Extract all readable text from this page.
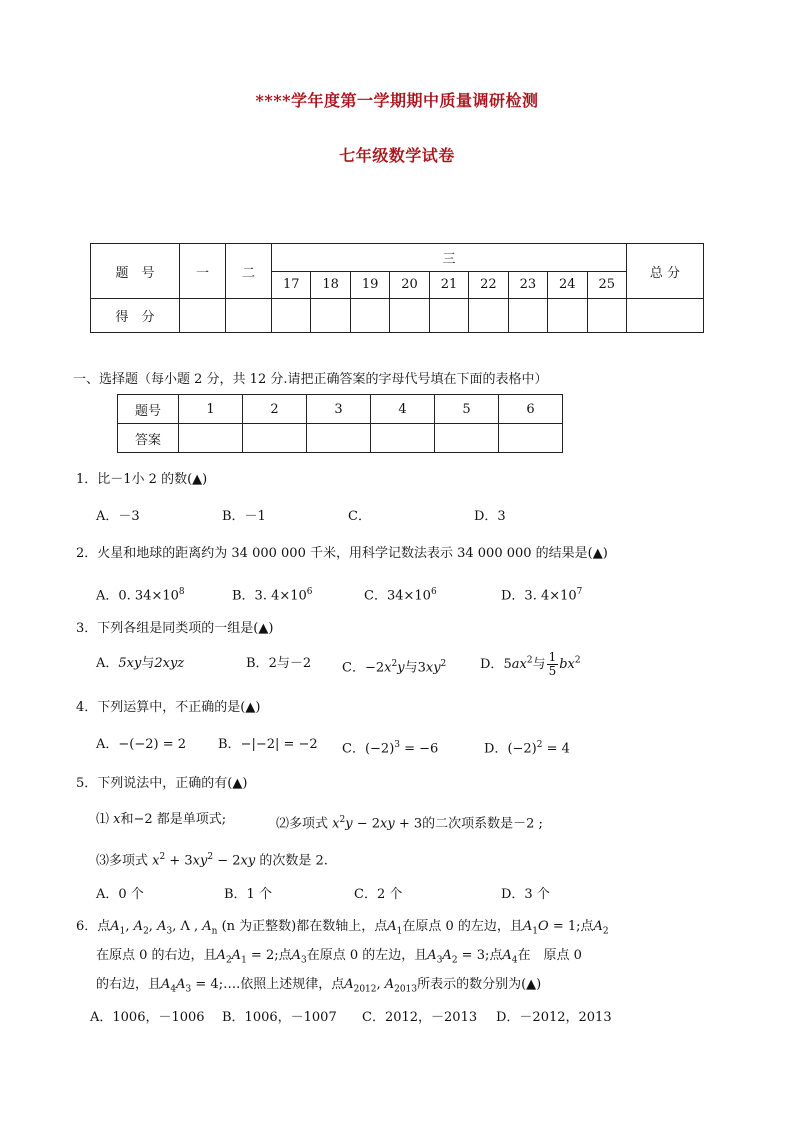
****学年度第一学期期中质量调研检测
七年级数学试卷
题　号	一	二	三									总 分
			17	18	19	20	21	22	23	24	25	
得　分												
一、选择题（每小题 2 分，共 12 分.请把正确答案的字母代号填在下面的表格中）
题号	1	2	3	4	5	6
答案						
1．比－1小 2 的数(▲)
A．－3	B．－1	C．	D．3
2．火星和地球的距离约为 34 000 000 千米，用科学记数法表示 34 000 000 的结果是(▲)
A．0. $34\times 10^8$	B．3. $4\times 10^6$	C．$34\times 10^6$	D．3. $4\times 10^7$
3．下列各组是同类项的一组是(▲)
A．5xy与2xyz	B．2与－2 C．$-2x^2y$与$3xy^2$	D．$5ax^2$与 $\frac{1}{5} bx^2$
4．下列运算中，不正确的是(▲)
A．−(−2) = 2 B．−|−2| = −2 C．$(-2)^3 = -6$	D．$(-2)^2 = 4$
5．下列说法中，正确的有(▲)
⑴ x和−2 都是单项式;	⑵多项式 $x^2y - 2xy + 3$的二次项系数是－2 ;
⑶多项式 $x^2 + 3xy^2 - 2xy$ 的次数是 2.
A．0 个	B．1 个	C．2 个	D．3 个
6．点$A_1$, $A_2$, $A_3$, Λ , $A_n$ (n 为正整数)都在数轴上，点$A_1$在原点 0 的左边，且$A_1O = 1$;点$A_2$
在原点 0 的右边，且$A_2A_1 = 2$;点$A_3$在原点 0 的左边，且$A_3A_2 = 3$;点$A_4$在　原点 0
的右边，且$A_4A_3$ = 4;….依照上述规律，点$A_{2012}$, $A_{2013}$所表示的数分别为(▲)
A．1006，－1006 B．1006，－1007 C．2012，－2013 D．－2012，2013
